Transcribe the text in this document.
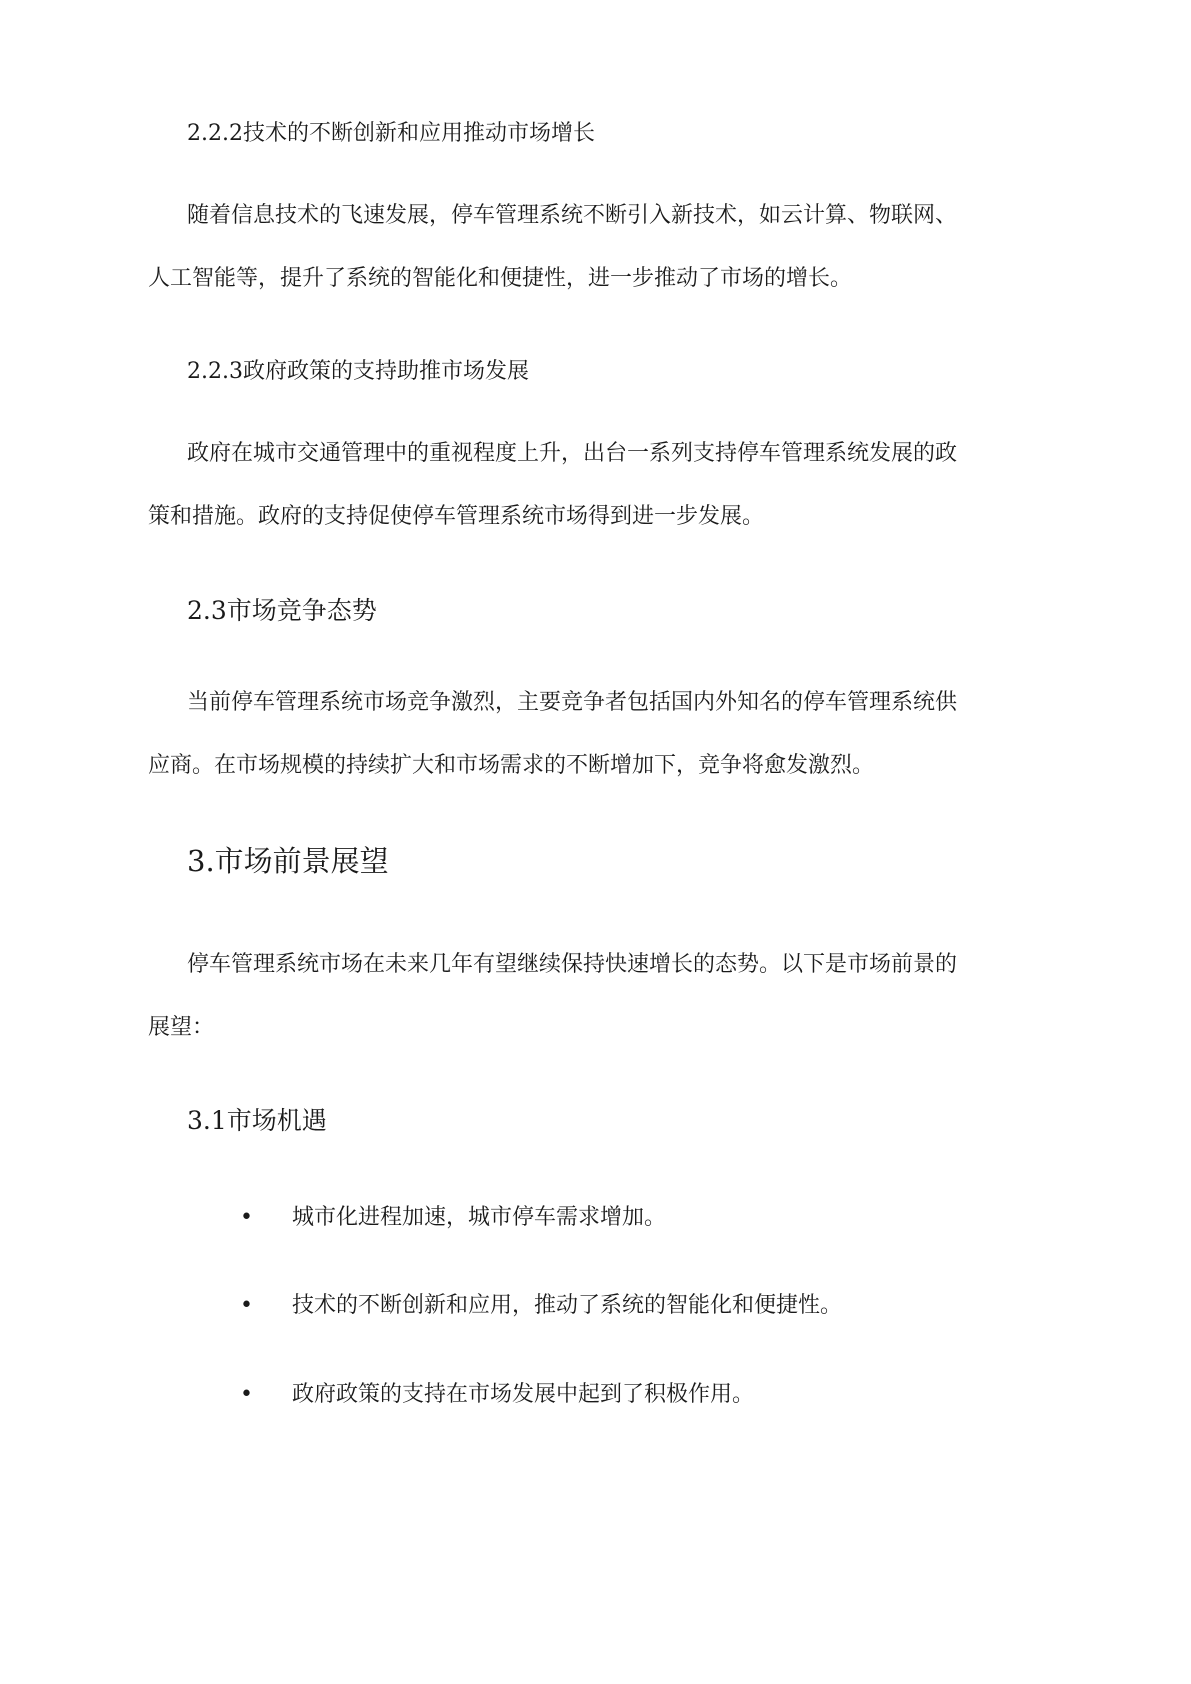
2.2.2技术的不断创新和应用推动市场增长
随着信息技术的飞速发展，停车管理系统不断引入新技术，如云计算、物联网、
人工智能等，提升了系统的智能化和便捷性，进一步推动了市场的增长。
2.2.3政府政策的支持助推市场发展
政府在城市交通管理中的重视程度上升，出台一系列支持停车管理系统发展的政
策和措施。政府的支持促使停车管理系统市场得到进一步发展。
2.3市场竞争态势
当前停车管理系统市场竞争激烈，主要竞争者包括国内外知名的停车管理系统供
应商。在市场规模的持续扩大和市场需求的不断增加下，竞争将愈发激烈。
3.市场前景展望
停车管理系统市场在未来几年有望继续保持快速增长的态势。以下是市场前景的
展望：
3.1市场机遇
• 城市化进程加速，城市停车需求增加。
• 技术的不断创新和应用，推动了系统的智能化和便捷性。
• 政府政策的支持在市场发展中起到了积极作用。
